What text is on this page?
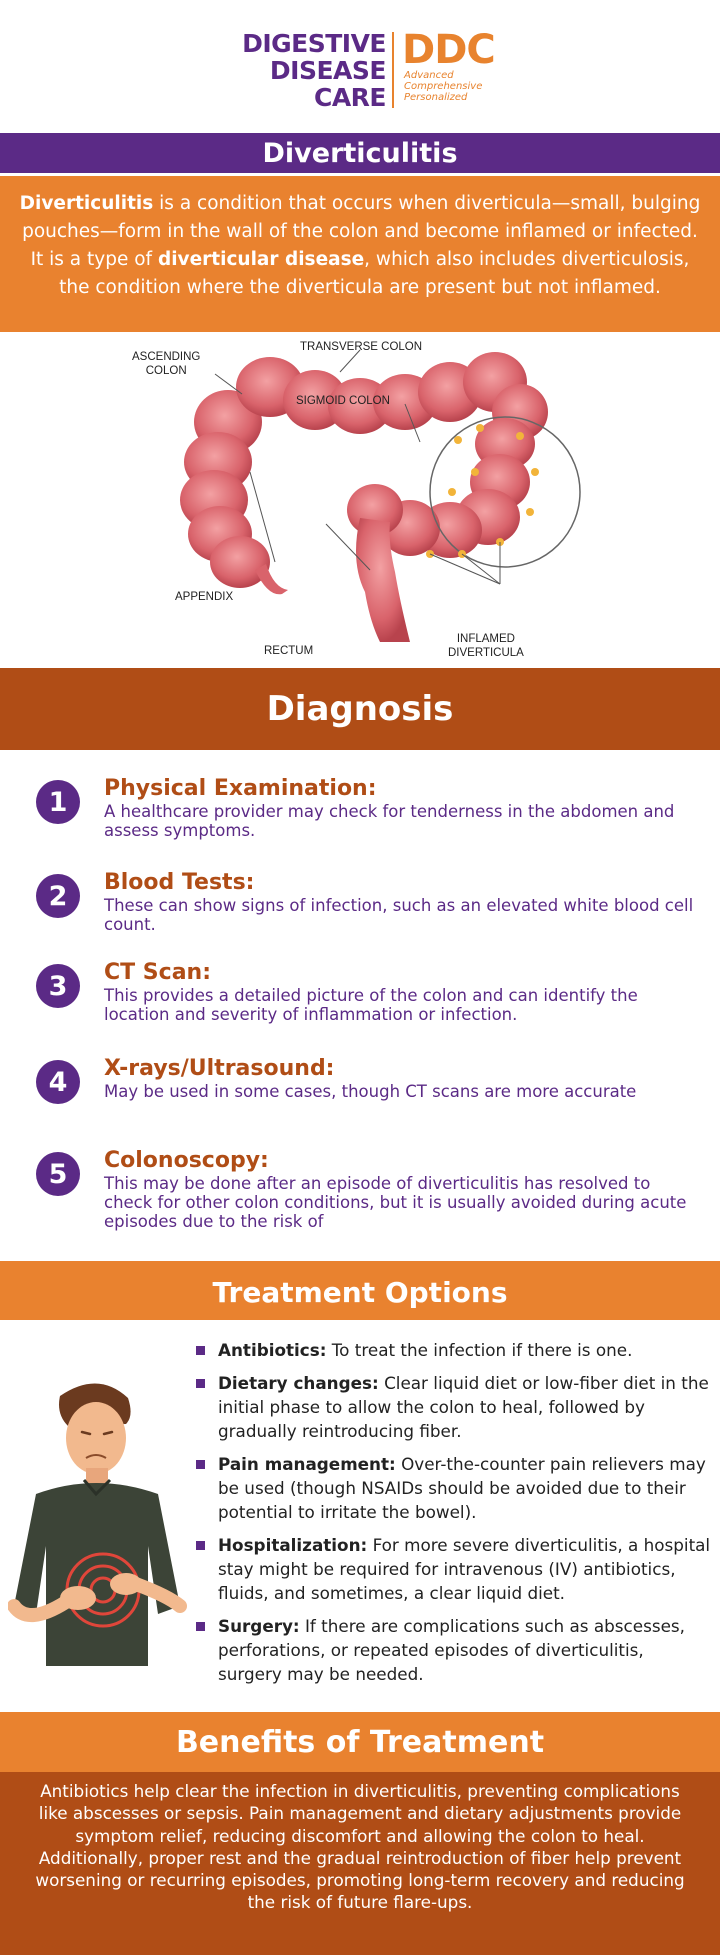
DIGESTIVE
DISEASE
CARE
DDC
Advanced
Comprehensive
Personalized
Diverticulitis
Diverticulitis is a condition that occurs when diverticula—small, bulging pouches—form in the wall of the colon and become inflamed or infected. It is a type of diverticular disease, which also includes diverticulosis, the condition where the diverticula are present but not inflamed.
ASCENDING
COLON
TRANSVERSE COLON
SIGMOID COLON
APPENDIX
RECTUM
INFLAMED
DIVERTICULA
Diagnosis
1	Physical Examination:
A healthcare provider may check for tenderness in the abdomen and assess symptoms.
2	Blood Tests:
These can show signs of infection, such as an elevated white blood cell count.
3	CT Scan:
This provides a detailed picture of the colon and can identify the location and severity of inflammation or infection.
4	X-rays/Ultrasound:
May be used in some cases, though CT scans are more accurate
5	Colonoscopy:
This may be done after an episode of diverticulitis has resolved to check for other colon conditions, but it is usually avoided during acute episodes due to the risk of
Treatment Options
Antibiotics: To treat the infection if there is one.
Dietary changes: Clear liquid diet or low-fiber diet in the initial phase to allow the colon to heal, followed by gradually reintroducing fiber.
Pain management: Over-the-counter pain relievers may be used (though NSAIDs should be avoided due to their potential to irritate the bowel).
Hospitalization: For more severe diverticulitis, a hospital stay might be required for intravenous (IV) antibiotics, fluids, and sometimes, a clear liquid diet.
Surgery: If there are complications such as abscesses, perforations, or repeated episodes of diverticulitis, surgery may be needed.
Benefits of Treatment
Antibiotics help clear the infection in diverticulitis, preventing complications like abscesses or sepsis. Pain management and dietary adjustments provide symptom relief, reducing discomfort and allowing the colon to heal. Additionally, proper rest and the gradual reintroduction of fiber help prevent worsening or recurring episodes, promoting long-term recovery and reducing the risk of future flare-ups.
